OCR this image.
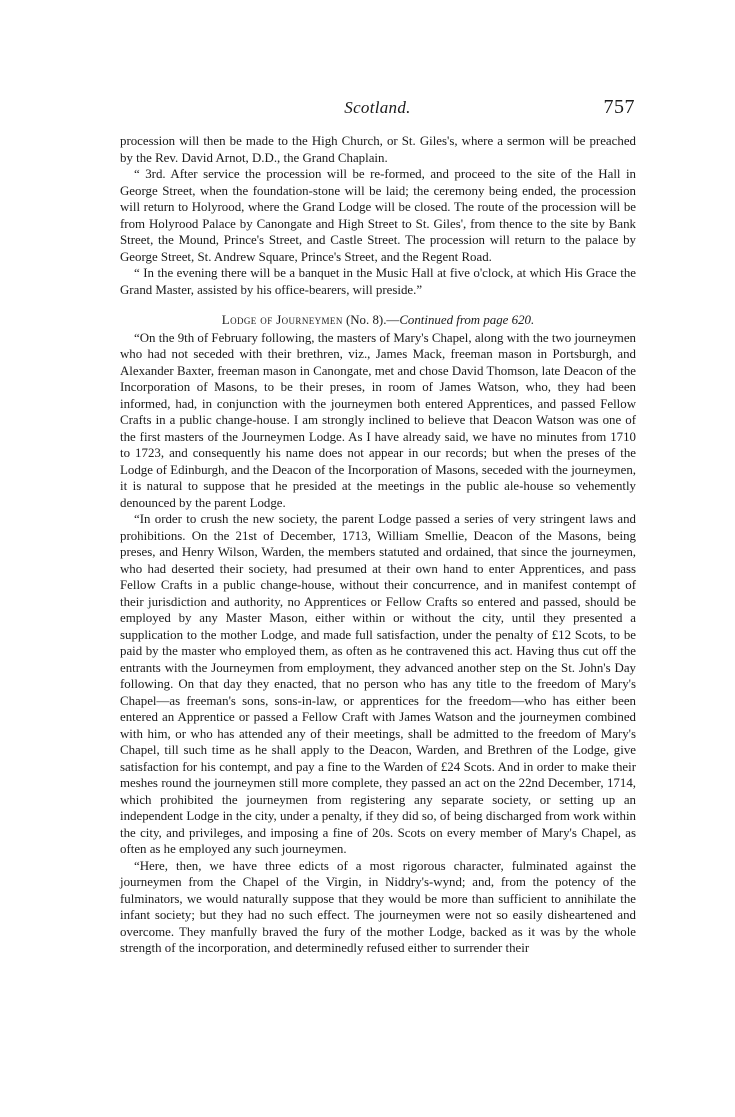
Scotland.	757

procession will then be made to the High Church, or St. Giles's, where a sermon will be preached by the Rev. David Arnot, D.D., the Grand Chaplain.

“ 3rd. After service the procession will be re-formed, and proceed to the site of the Hall in George Street, when the foundation-stone will be laid; the ceremony being ended, the procession will return to Holyrood, where the Grand Lodge will be closed. The route of the procession will be from Holyrood Palace by Canongate and High Street to St. Giles', from thence to the site by Bank Street, the Mound, Prince's Street, and Castle Street. The procession will return to the palace by George Street, St. Andrew Square, Prince's Street, and the Regent Road.

“ In the evening there will be a banquet in the Music Hall at five o'clock, at which His Grace the Grand Master, assisted by his office-bearers, will preside.”

Lodge of Journeymen (No. 8).—Continued from page 620.

“On the 9th of February following, the masters of Mary's Chapel, along with the two journeymen who had not seceded with their brethren, viz., James Mack, freeman mason in Portsburgh, and Alexander Baxter, freeman mason in Canongate, met and chose David Thomson, late Deacon of the Incorporation of Masons, to be their preses, in room of James Watson, who, they had been informed, had, in conjunction with the journeymen both entered Apprentices, and passed Fellow Crafts in a public change-house. I am strongly inclined to believe that Deacon Watson was one of the first masters of the Journeymen Lodge. As I have already said, we have no minutes from 1710 to 1723, and consequently his name does not appear in our records; but when the preses of the Lodge of Edinburgh, and the Deacon of the Incorporation of Masons, seceded with the journeymen, it is natural to suppose that he presided at the meetings in the public ale-house so vehemently denounced by the parent Lodge.

“In order to crush the new society, the parent Lodge passed a series of very stringent laws and prohibitions. On the 21st of December, 1713, William Smellie, Deacon of the Masons, being preses, and Henry Wilson, Warden, the members statuted and ordained, that since the journeymen, who had deserted their society, had presumed at their own hand to enter Apprentices, and pass Fellow Crafts in a public change-house, without their concurrence, and in manifest contempt of their jurisdiction and authority, no Apprentices or Fellow Crafts so entered and passed, should be employed by any Master Mason, either within or without the city, until they presented a supplication to the mother Lodge, and made full satisfaction, under the penalty of £12 Scots, to be paid by the master who employed them, as often as he contravened this act. Having thus cut off the entrants with the Journeymen from employment, they advanced another step on the St. John's Day following. On that day they enacted, that no person who has any title to the freedom of Mary's Chapel—as freeman's sons, sons-in-law, or apprentices for the freedom—who has either been entered an Apprentice or passed a Fellow Craft with James Watson and the journeymen combined with him, or who has attended any of their meetings, shall be admitted to the freedom of Mary's Chapel, till such time as he shall apply to the Deacon, Warden, and Brethren of the Lodge, give satisfaction for his contempt, and pay a fine to the Warden of £24 Scots. And in order to make their meshes round the journeymen still more complete, they passed an act on the 22nd December, 1714, which prohibited the journeymen from registering any separate society, or setting up an independent Lodge in the city, under a penalty, if they did so, of being discharged from work within the city, and privileges, and imposing a fine of 20s. Scots on every member of Mary's Chapel, as often as he employed any such journeymen.

“Here, then, we have three edicts of a most rigorous character, fulminated against the journeymen from the Chapel of the Virgin, in Niddry's-wynd; and, from the potency of the fulminators, we would naturally suppose that they would be more than sufficient to annihilate the infant society; but they had no such effect. The journeymen were not so easily disheartened and overcome. They manfully braved the fury of the mother Lodge, backed as it was by the whole strength of the incorporation, and determinedly refused either to surrender their
